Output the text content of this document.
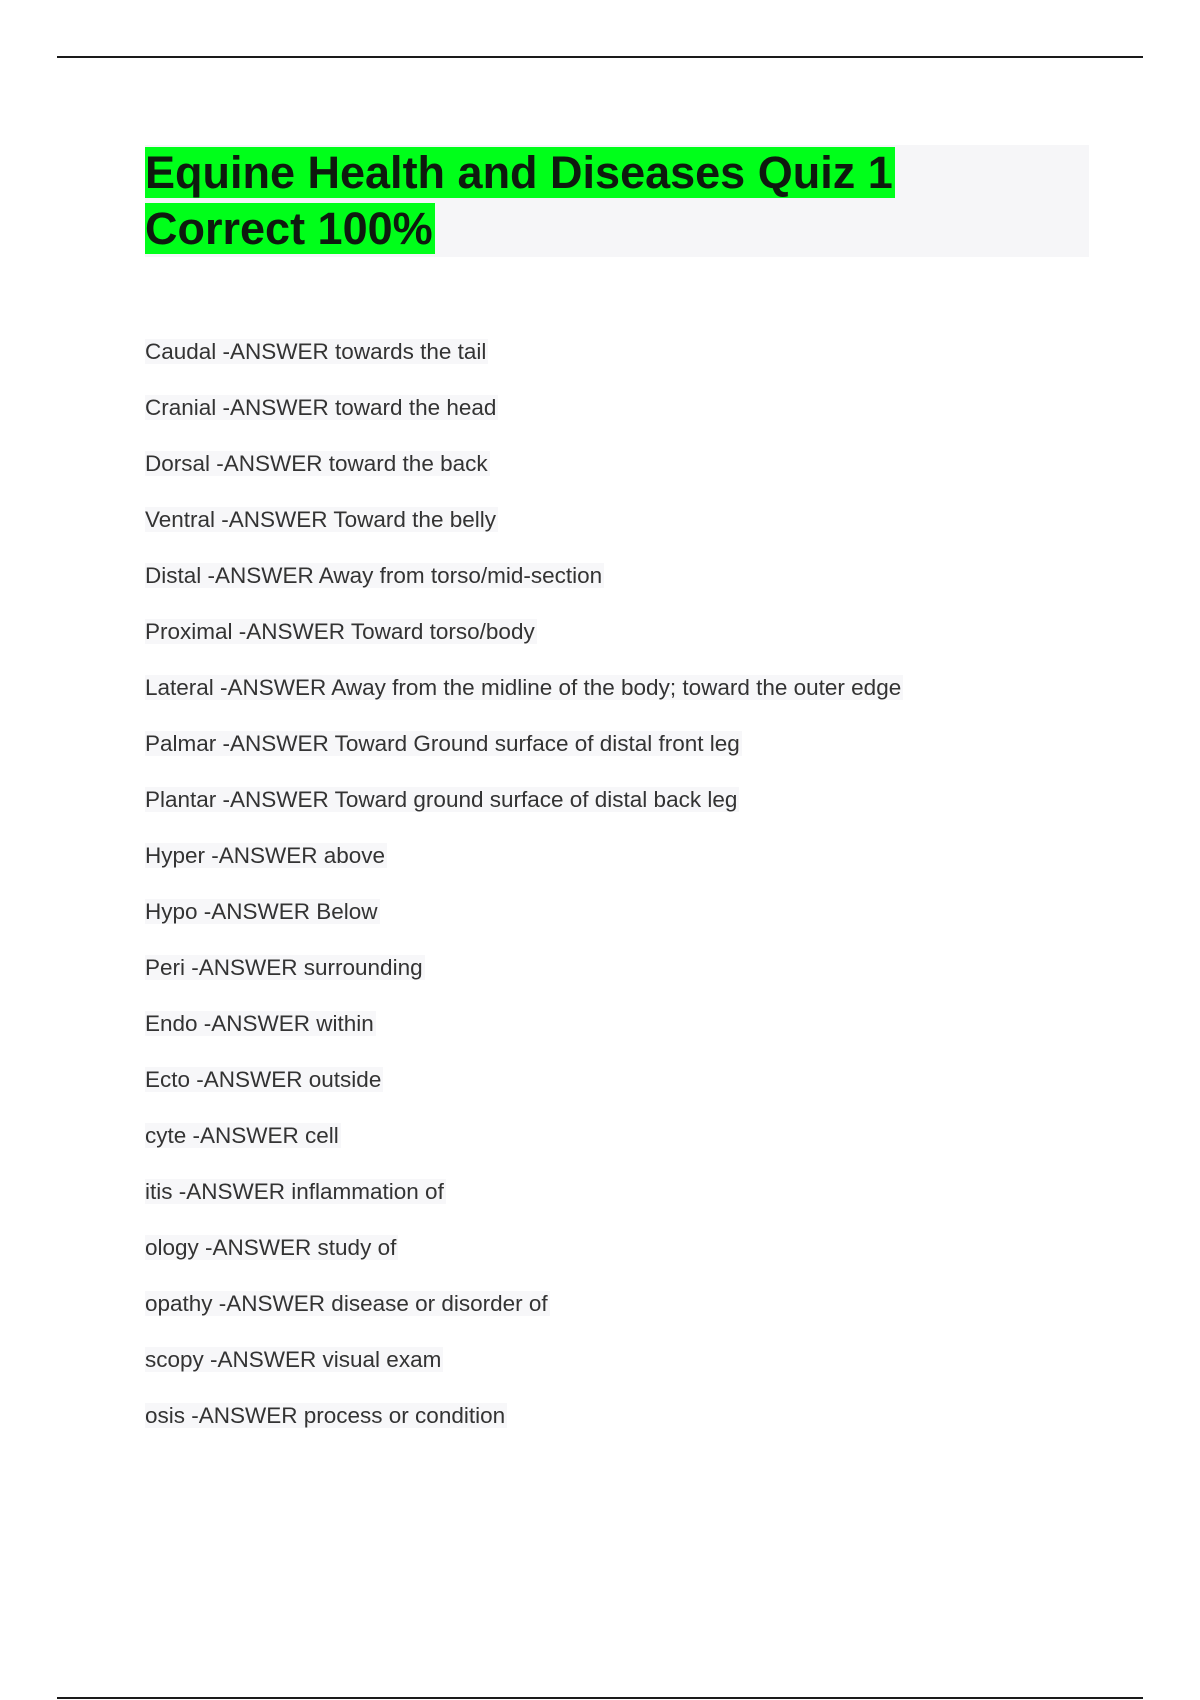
Equine Health and Diseases Quiz 1 Correct 100%
Caudal -ANSWER towards the tail
Cranial -ANSWER toward the head
Dorsal -ANSWER toward the back
Ventral -ANSWER Toward the belly
Distal -ANSWER Away from torso/mid-section
Proximal -ANSWER Toward torso/body
Lateral -ANSWER Away from the midline of the body; toward the outer edge
Palmar -ANSWER Toward Ground surface of distal front leg
Plantar -ANSWER Toward ground surface of distal back leg
Hyper -ANSWER above
Hypo -ANSWER Below
Peri -ANSWER surrounding
Endo -ANSWER within
Ecto -ANSWER outside
cyte -ANSWER cell
itis -ANSWER inflammation of
ology -ANSWER study of
opathy -ANSWER disease or disorder of
scopy -ANSWER visual exam
osis -ANSWER process or condition
